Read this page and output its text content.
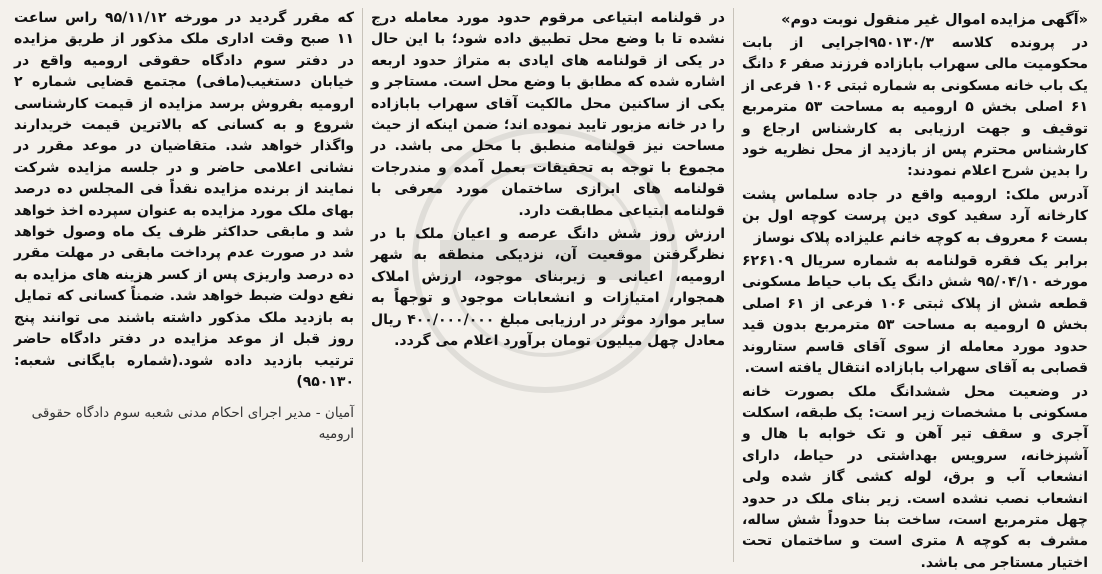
«آگهی مزایده اموال غیر منقول نوبت دوم»

در پرونده کلاسه ۹۵۰۱۳۰/۳اجرایی از بابت محکومیت مالی سهراب بابازاده فرزند صفر ۶ دانگ یک باب خانه مسکونی به شماره ثبتی ۱۰۶ فرعی از ۶۱ اصلی بخش ۵ ارومیه به مساحت ۵۳ مترمربع توقیف و جهت ارزیابی به کارشناس ارجاع و کارشناس محترم پس از بازدید از محل نظریه خود را بدین شرح اعلام نمودند:

آدرس ملک: ارومیه واقع در جاده سلماس پشت کارخانه آرد سفید کوی دین پرست کوچه اول بن بست ۶ معروف به کوچه خانم علیزاده پلاک نوساز

برابر یک فقره قولنامه به شماره سریال ۶۲۶۱۰۹ مورخه ۹۵/۰۴/۱۰ شش دانگ یک باب حیاط مسکونی قطعه شش از پلاک ثبتی ۱۰۶ فرعی از ۶۱ اصلی بخش ۵ ارومیه به مساحت ۵۳ مترمربع بدون قید حدود مورد معامله از سوی آقای قاسم ستاروند قصابی به آقای سهراب بابازاده انتقال یافته است.

در وضعیت محل ششدانگ ملک بصورت خانه مسکونی با مشخصات زیر است: یک طبقه، اسکلت آجری و سقف تیر آهن و تک خوابه با هال و آشپزخانه، سرویس بهداشتی در حیاط، دارای انشعاب آب و برق، لوله کشی گاز شده ولی انشعاب نصب نشده است. زیر بنای ملک در حدود چهل مترمربع است، ساخت بنا حدوداً شش ساله، مشرف به کوچه ۸ متری است و ساختمان تحت اختیار مستاجر می باشد.

در قولنامه ابتیاعی مرقوم حدود مورد معامله درج نشده تا با وضع محل تطبیق داده شود؛ با این حال در یکی از قولنامه های ایادی به متراژ حدود اربعه اشاره شده که مطابق با وضع محل است. مستاجر و یکی از ساکنین محل مالکیت آقای سهراب بابازاده را در خانه مزبور تایید نموده اند؛ ضمن اینکه از حیث مساحت نیز قولنامه منطبق با محل می باشد. در مجموع با توجه به تحقیقات بعمل آمده و مندرجات قولنامه های ابرازی ساختمان مورد معرفی با قولنامه ابتیاعی مطابقت دارد.

ارزش روز شش دانگ عرصه و اعیان ملک با در نظرگرفتن موقعیت آن، نزدیکی منطقه به شهر ارومیه، اعیانی و زیربنای موجود، ارزش املاک همجوار، امتیازات و انشعابات موجود و توجهاً به سایر موارد موثر در ارزیابی مبلغ ۴۰۰/۰۰۰/۰۰۰ ریال معادل چهل میلیون تومان برآورد اعلام می گردد.

که مقرر گردید در مورخه ۹۵/۱۱/۱۲ راس ساعت ۱۱ صبح وقت اداری ملک مذکور از طریق مزایده در دفتر سوم دادگاه حقوقی ارومیه واقع در خیابان دستغیب(مافی) مجتمع قضایی شماره ۲ ارومیه بفروش برسد مزایده از قیمت کارشناسی شروع و به کسانی که بالاترین قیمت خریدارند واگذار خواهد شد. متقاضیان در موعد مقرر در نشانی اعلامی حاضر و در جلسه مزایده شرکت نمایند از برنده مزایده نقداً فی المجلس ده درصد بهای ملک مورد مزایده به عنوان سپرده اخذ خواهد شد و مابقی حداکثر ظرف یک ماه وصول خواهد شد در صورت عدم پرداخت مابقی در مهلت مقرر ده درصد واریزی پس از کسر هزینه های مزایده به نفع دولت ضبط خواهد شد. ضمناً کسانی که تمایل به بازدید ملک مذکور داشته باشند می توانند پنج روز قبل از موعد مزایده در دفتر دادگاه حاضر ترتیب بازدید داده شود.(شماره بایگانی شعبه: ۹۵۰۱۳۰)

آمیان - مدیر اجرای احکام مدنی شعبه سوم دادگاه حقوقی ارومیه
